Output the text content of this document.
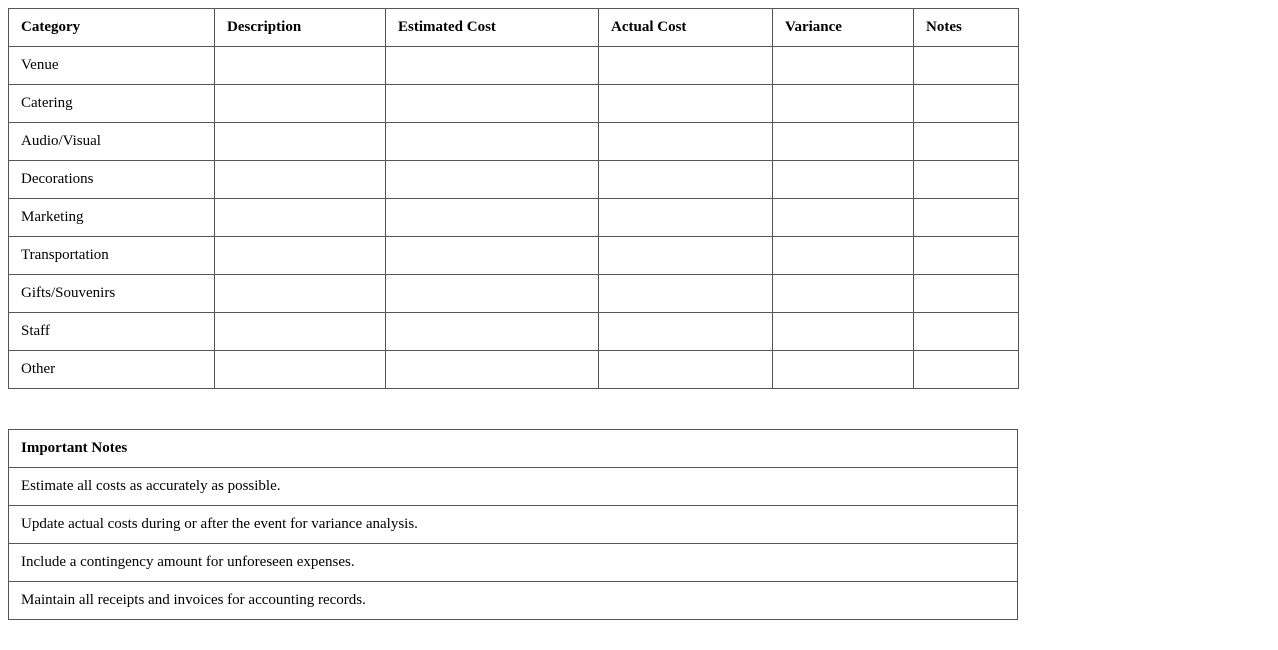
Category	Description	Estimated Cost	Actual Cost	Variance	Notes
Venue					
Catering					
Audio/Visual					
Decorations					
Marketing					
Transportation					
Gifts/Souvenirs					
Staff					
Other					
Important Notes
Estimate all costs as accurately as possible.
Update actual costs during or after the event for variance analysis.
Include a contingency amount for unforeseen expenses.
Maintain all receipts and invoices for accounting records.
